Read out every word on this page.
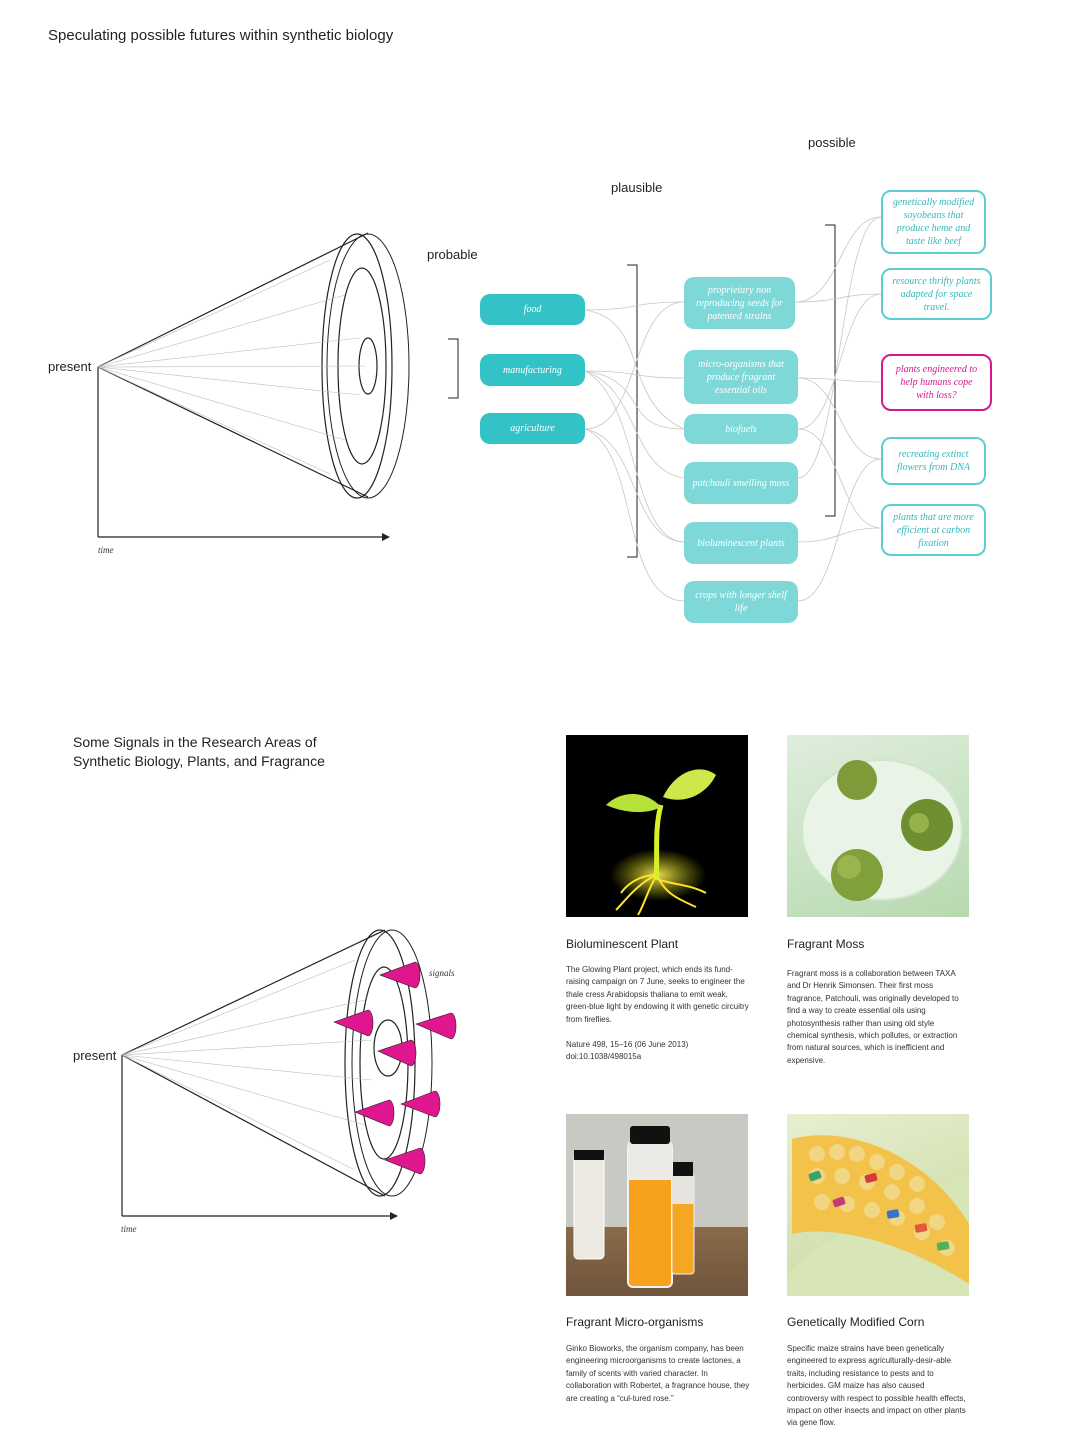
Speculating possible futures within synthetic biology
present
probable
plausible
possible
time
food
manufacturing
agriculture
proprietary non reproducing seeds for patented strains
micro-organisms that produce fragrant essential oils
biofuels
patchouli smelling moss
bioluminescent plants
crops with longer shelf life
genetically modified soyobeans that produce heme and taste like beef
resource thrifty plants adapted for space travel.
plants engineered to help humans cope with loss?
recreating extinct flowers from DNA
plants that are more efficient at carbon fixation
Some Signals in the Research Areas of Synthetic Biology, Plants, and Fragrance
present
signals
time
Bioluminescent Plant
The Glowing Plant project, which ends its fund-raising campaign on 7 June, seeks to engineer the thale cress Arabidopsis thaliana to emit weak, green-blue light by endowing it with genetic circuitry from fireflies.
Nature 498, 15–16 (06 June 2013) doi:10.1038/498015a
Fragrant Moss
Fragrant moss is a collaboration between TAXA and Dr Henrik Simonsen. Their first moss fragrance, Patchouli, was originally developed to find a way to create essential oils using photosynthesis rather than using old style chemical synthesis, which pollutes, or extraction from natural sources, which is inefficient and expensive.
Fragrant Micro-organisms
Ginko Bioworks, the organism company, has been engineering microorganisms to create lactones, a family of scents with varied character. In collaboration with Robertet, a fragrance house, they are creating a “cul-tured rose.”
Genetically Modified Corn
Specific maize strains have been genetically engineered to express agriculturally-desir-able traits, including resistance to pests and to herbicides. GM maize has also caused controversy with respect to possible health effects, impact on other insects and impact on other plants via gene flow.
